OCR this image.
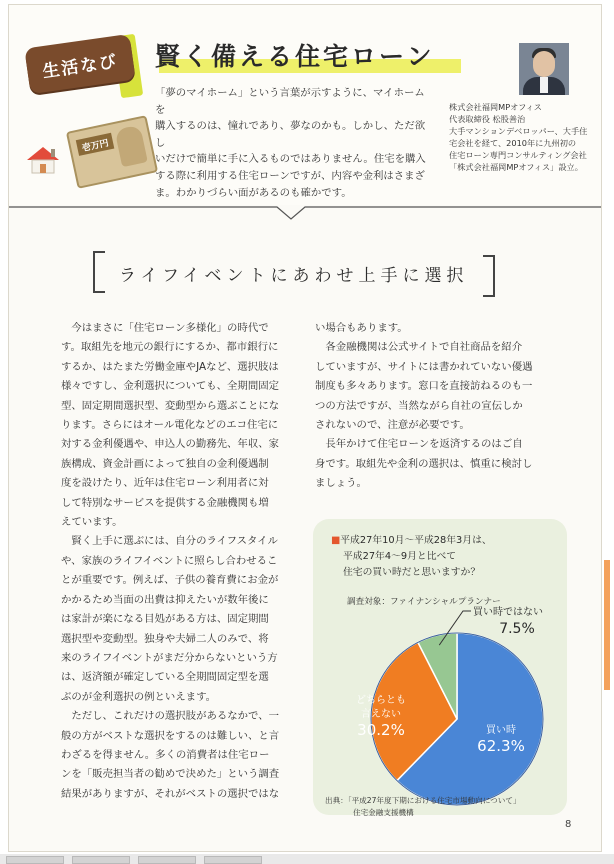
生活なび
壱万円
賢く備える住宅ローン
「夢のマイホーム」という言葉が示すように、マイホームを
購入するのは、憧れであり、夢なのかも。しかし、ただ欲し
いだけで簡単に手に入るものではありません。住宅を購入
する際に利用する住宅ローンですが、内容や金利はさまざ
ま。わかりづらい面があるのも確かです。
株式会社福岡MPオフィス
代表取締役 松股善治
大手マンションデベロッパー、大手住
宅会社を経て、2010年に九州初の
住宅ローン専門コンサルティング会社
「株式会社福岡MPオフィス」設立。
ライフイベントにあわせ上手に選択

今はまさに「住宅ローン多様化」の時代で
す。取組先を地元の銀行にするか、都市銀行に
するか、はたまた労働金庫やJAなど、選択肢は
様々ですし、金利選択についても、全期間固定
型、固定期間選択型、変動型から選ぶことにな
ります。さらにはオール電化などのエコ住宅に
対する金利優遇や、申込人の勤務先、年収、家
族構成、資金計画によって独自の金利優遇制
度を設けたり、近年は住宅ローン利用者に対
して特別なサービスを提供する金融機関も増
えています。

賢く上手に選ぶには、自分のライフスタイル
や、家族のライフイベントに照らし合わせるこ
とが重要です。例えば、子供の養育費にお金が
かかるため当面の出費は抑えたいが数年後に
は家計が楽になる目処がある方は、固定期間
選択型や変動型。独身や夫婦二人のみで、将
来のライフイベントがまだ分からないという方
は、返済額が確定している全期間固定型を選
ぶのが金利選択の例といえます。

ただし、これだけの選択肢があるなかで、一
般の方がベストな選択をするのは難しい、と言
わざるを得ません。多くの消費者は住宅ロー
ンを「販売担当者の勧めで決めた」という調査
結果がありますが、それがベストの選択ではな

い場合もあります。

各金融機関は公式サイトで自社商品を紹介
していますが、サイトには書かれていない優遇
制度も多々あります。窓口を直接訪ねるのも一
つの方法ですが、当然ながら自社の宣伝しか
されないので、注意が必要です。

長年かけて住宅ローンを返済するのはご自
身です。取組先や金利の選択は、慎重に検討し
ましょう。

■平成27年10月～平成28年3月は、
平成27年4～9月と比べて
住宅の買い時だと思いますか？
調査対象：ファイナンシャルプランナー
買い時
62.3%
どちらとも
言えない
30.2%
買い時ではない
7.5%
出典：「平成27年度下期における住宅市場動向について」
住宅金融支援機構
8
